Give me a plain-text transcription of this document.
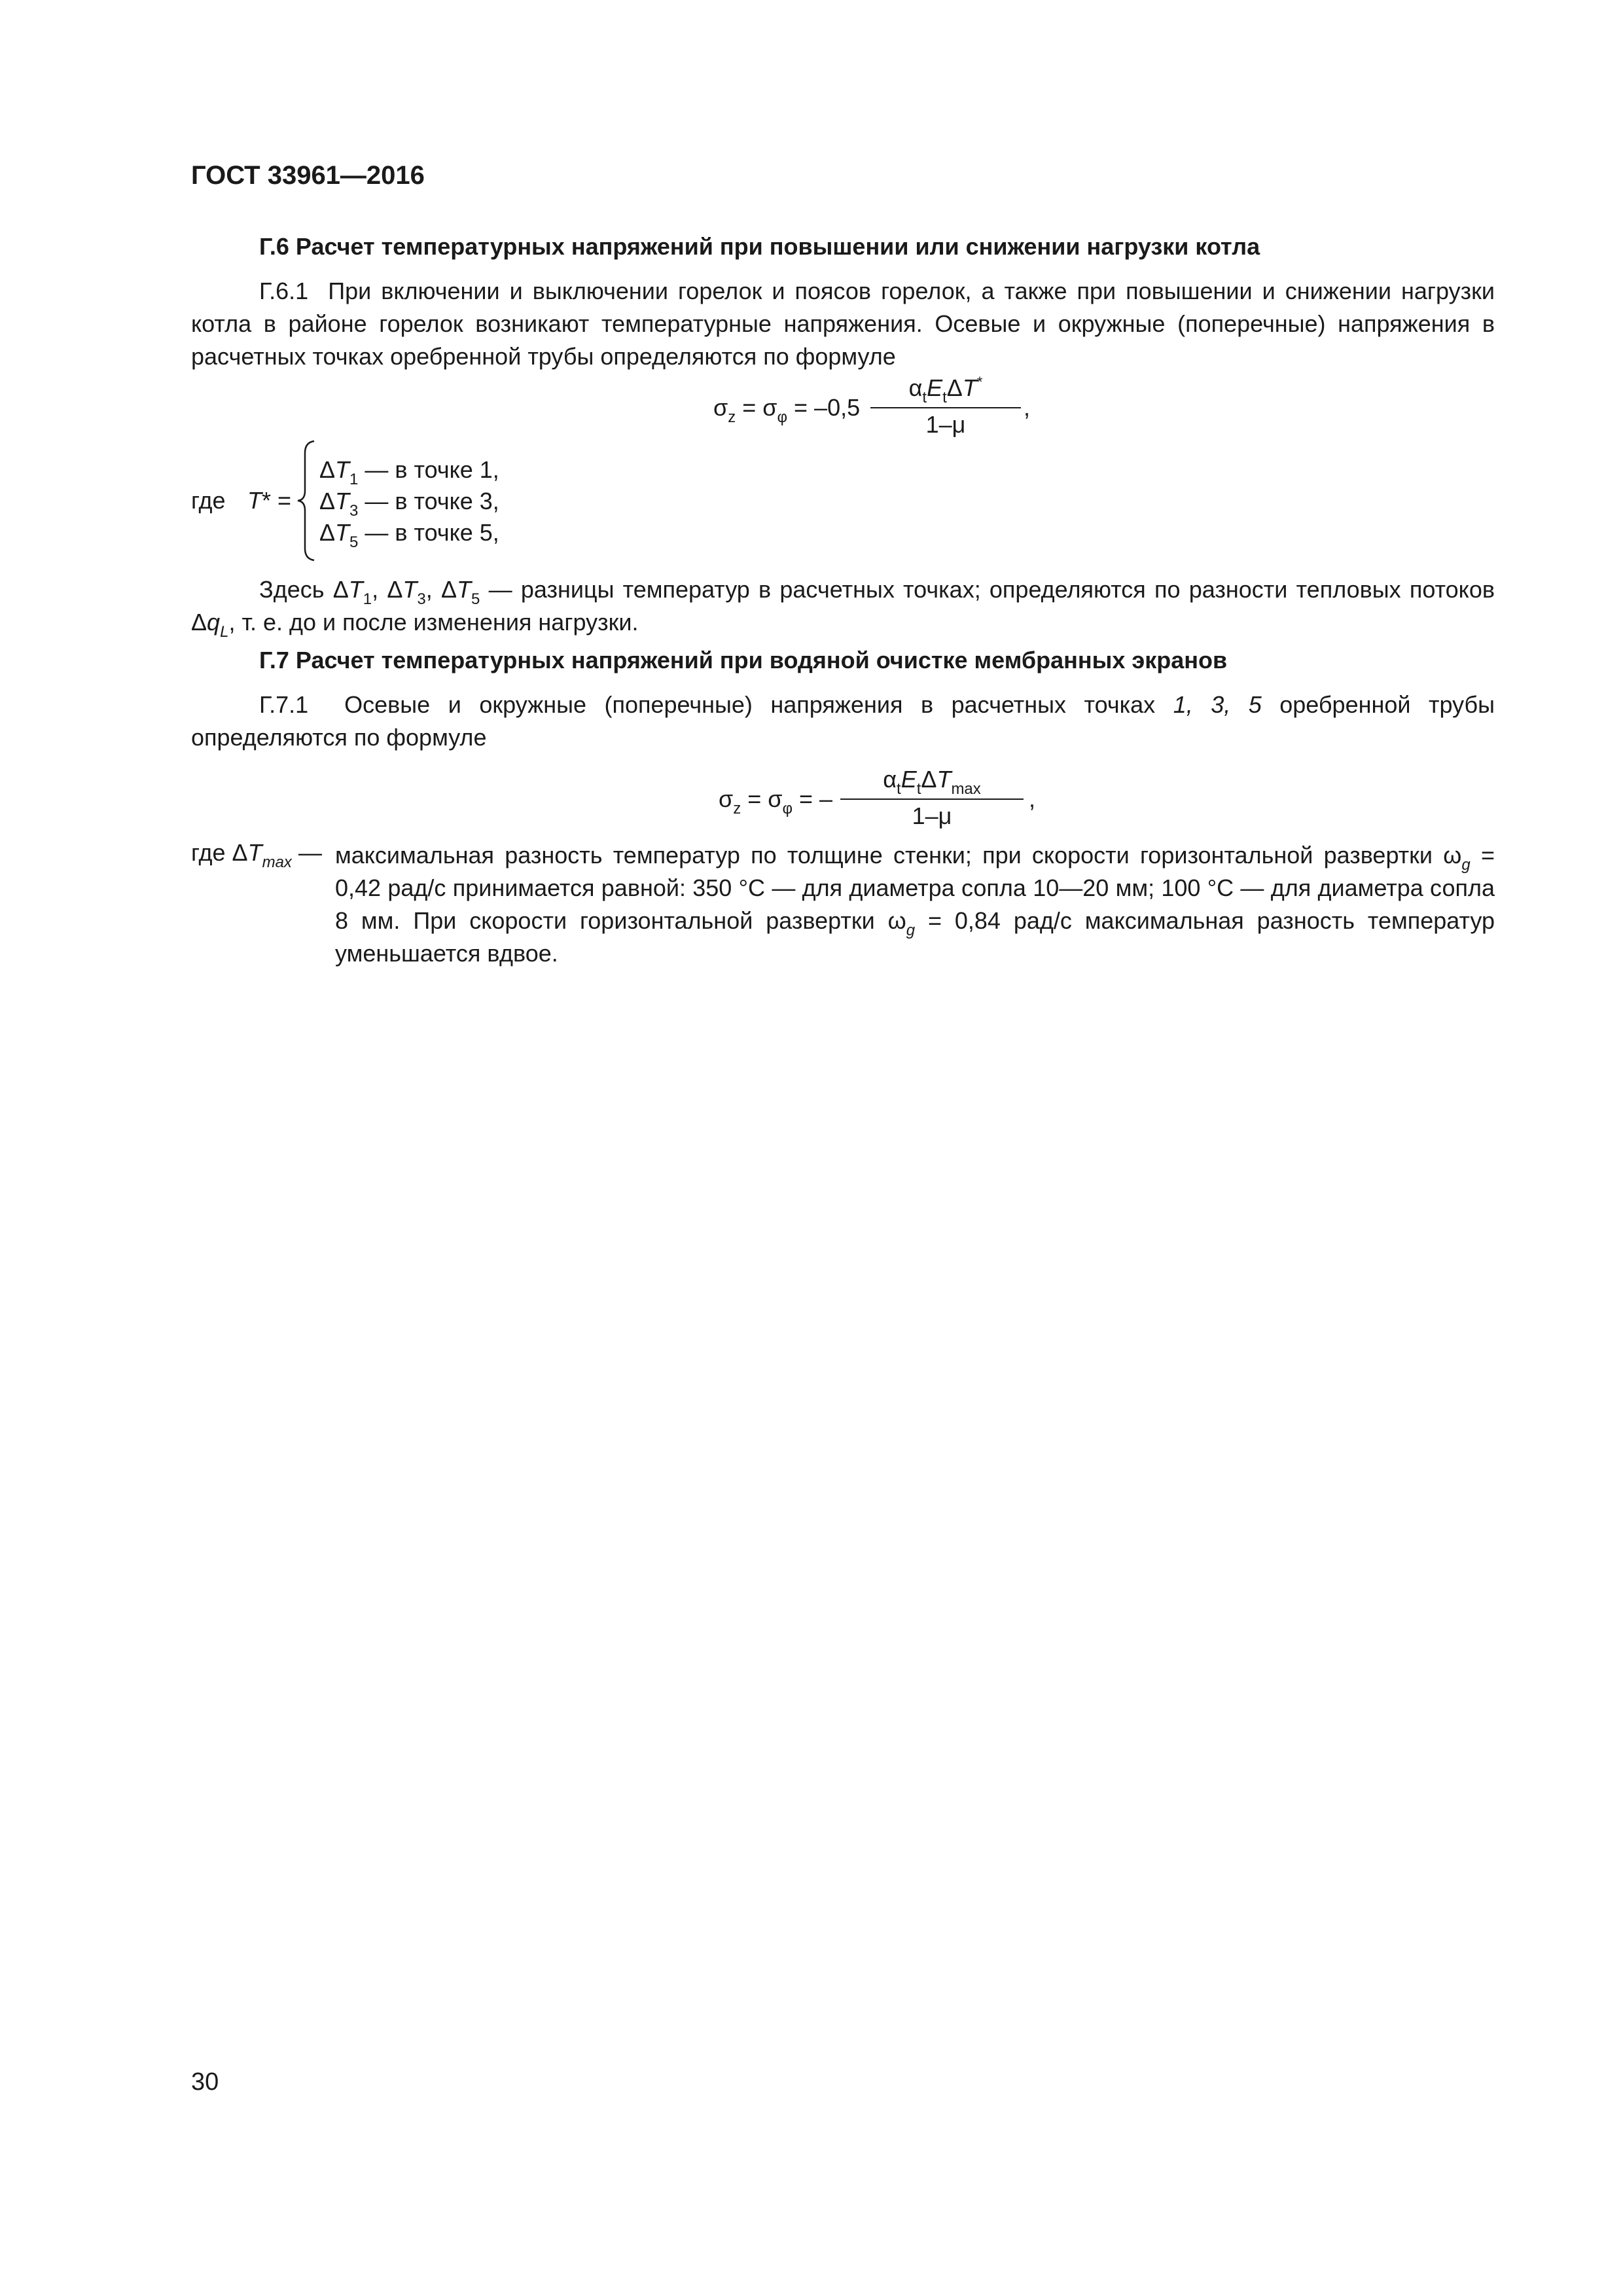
ГОСТ 33961—2016
Г.6 Расчет температурных напряжений при повышении или снижении нагрузки котла
Г.6.1 При включении и выключении горелок и поясов горелок, а также при повышении и снижении нагрузки котла в районе горелок возникают температурные напряжения. Осевые и окружные (поперечные) напряжения в расчетных точках оребренной трубы определяются по формуле
$\sigma_z = \sigma_\varphi = -0,5$
$\alpha_tE_t\Delta T^*$
1–μ
,
где T* =
$\Delta T_1$ — в точке 1,
$\Delta T_3$ — в точке 3,
$\Delta T_5$ — в точке 5,
Здесь $\Delta T_1$, $\Delta T_3$, $\Delta T_5$ — разницы температур в расчетных точках; определяются по разности тепловых потоков $\Delta q_L$, т. е. до и после изменения нагрузки.
Г.7 Расчет температурных напряжений при водяной очистке мембранных экранов
Г.7.1  Осевые и окружные (поперечные) напряжения в расчетных точках 1, 3, 5 оребренной трубы определяются по формуле
$\sigma_z = \sigma_\varphi$ = –
$\alpha_tE_t\Delta T_{max}$
1–μ
,
где $\Delta T_{max}$ — максимальная разность температур по толщине стенки; при скорости горизонтальной развертки $\omega_g = 0,42$ рад/с принимается равной: 350 °С — для диаметра сопла 10—20 мм; 100 °С — для диаметра сопла 8 мм. При скорости горизонтальной развертки $\omega_g = 0,84$ рад/с максимальная разность температур уменьшается вдвое.
30
